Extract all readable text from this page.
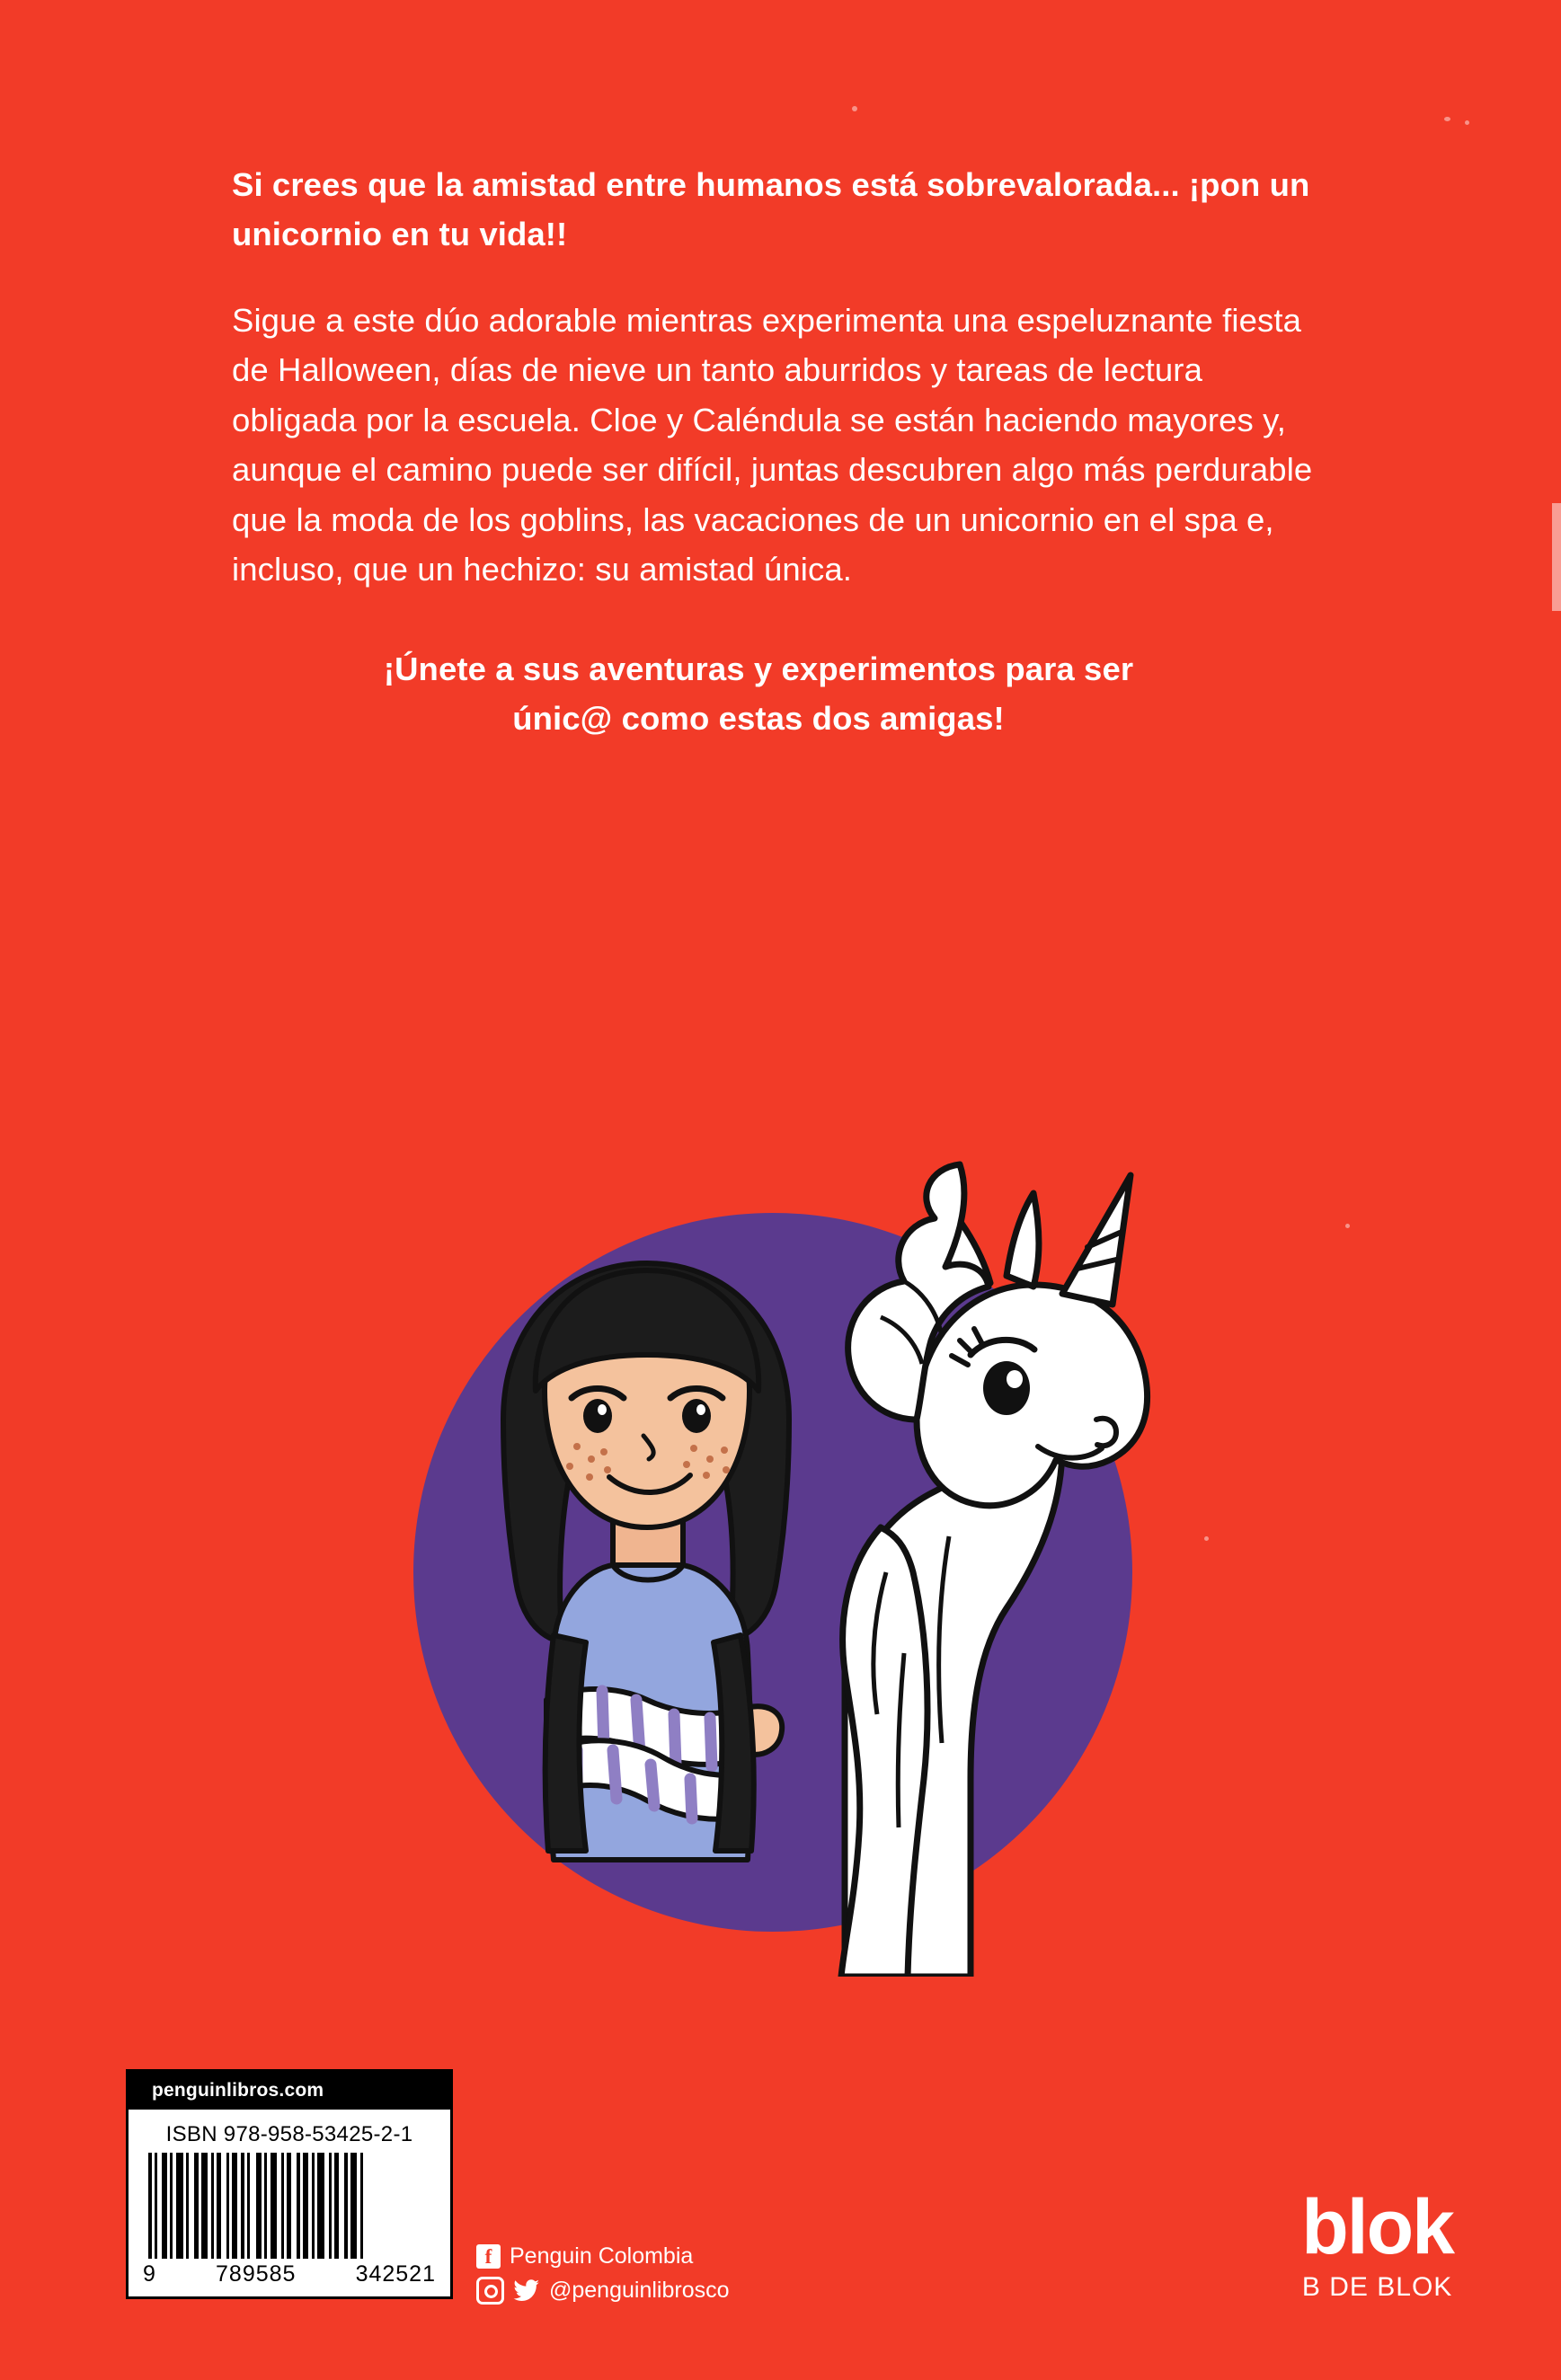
Si crees que la amistad entre humanos está sobrevalorada... ¡pon un unicornio en tu vida!!

Sigue a este dúo adorable mientras experimenta una espeluznante fiesta de Halloween, días de nieve un tanto aburridos y tareas de lectura obligada por la escuela. Cloe y Caléndula se están haciendo mayores y, aunque el camino puede ser difícil, juntas descubren algo más perdurable que la moda de los goblins, las vacaciones de un unicornio en el spa e, incluso, que un hechizo: su amistad única.

¡Únete a sus aventuras y experimentos para ser únic@ como estas dos amigas!

penguinlibros.com
ISBN 978-958-53425-2-1
9	789585	342521
f Penguin Colombia
@penguinlibrosco
blok
B DE BLOK
